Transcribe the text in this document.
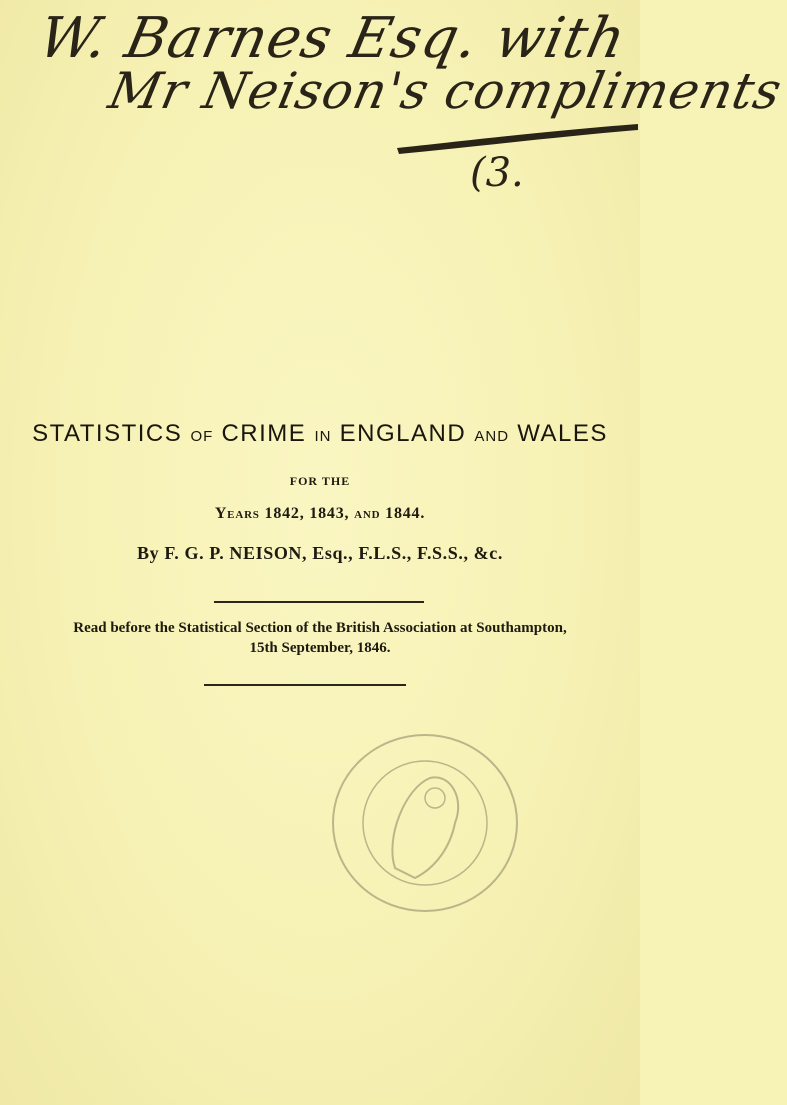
W. Barnes Esq. with
Mr Neison's compliments
(3.
STATISTICS OF CRIME IN ENGLAND AND WALES
FOR THE
Years 1842, 1843, and 1844.
By F. G. P. NEISON, Esq., F.L.S., F.S.S., &c.
Read before the Statistical Section of the British Association at Southampton,
15th September, 1846.
